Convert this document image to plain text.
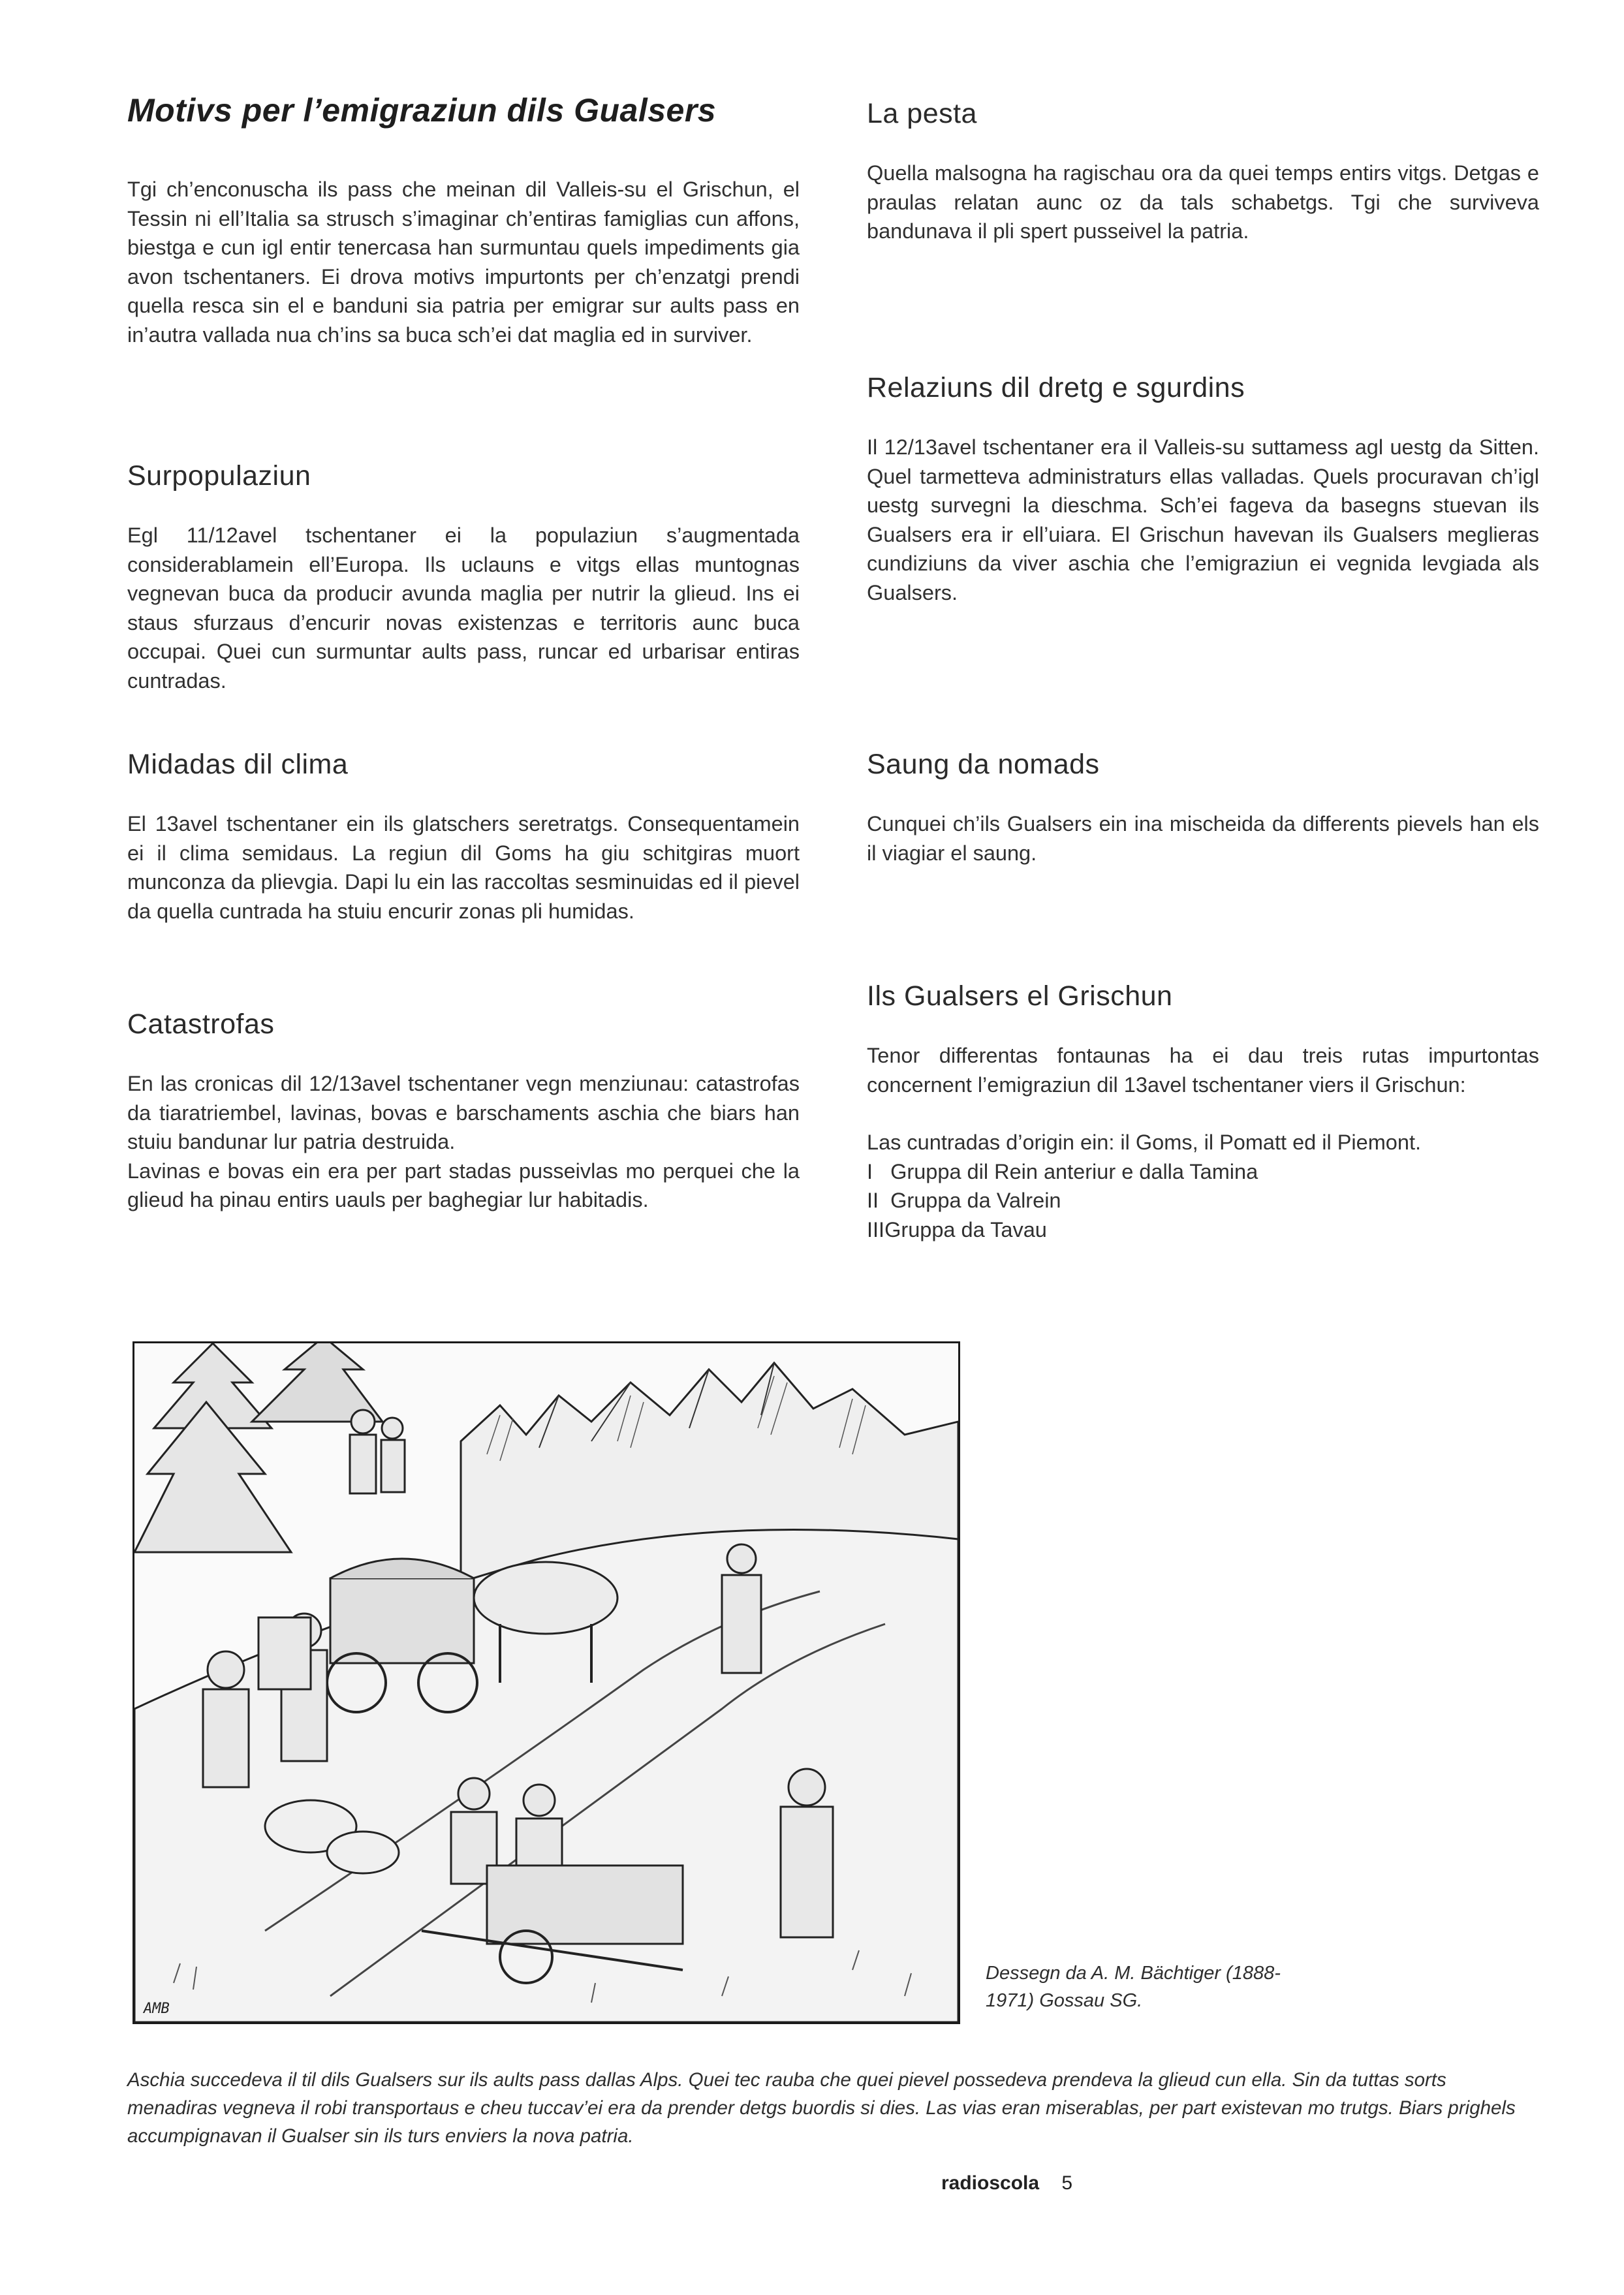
Motivs per l’emigraziun dils Gualsers

Tgi ch’enconuscha ils pass che meinan dil Valleis-su el Grischun, el Tessin ni ell’Italia sa strusch s’imaginar ch’entiras famiglias cun affons, biestga e cun igl entir tenercasa han surmuntau quels impediments gia avon tschentaners. Ei drova motivs impurtonts per ch’enzatgi prendi quella resca sin el e banduni sia patria per emigrar sur aults pass en in’autra vallada nua ch’ins sa buca sch’ei dat maglia ed in surviver.

Surpopulaziun

Egl 11/12avel tschentaner ei la populaziun s’augmentada considerablamein ell’Europa. Ils uclauns e vitgs ellas muntognas vegnevan buca da producir avunda maglia per nutrir la glieud. Ins ei staus sfurzaus d’encurir novas existenzas e territoris aunc buca occupai. Quei cun surmuntar aults pass, runcar ed urbarisar entiras cuntradas.

Midadas dil clima

El 13avel tschentaner ein ils glatschers seretratgs. Consequentamein ei il clima semidaus. La regiun dil Goms ha giu schitgiras muort munconza da plievgia. Dapi lu ein las raccoltas sesminuidas ed il pievel da quella cuntrada ha stuiu encurir zonas pli humidas.

Catastrofas

En las cronicas dil 12/13avel tschentaner vegn menziunau: catastrofas da tiaratriembel, lavinas, bovas e barschaments aschia che biars han stuiu bandunar lur patria destruida.

Lavinas e bovas ein era per part stadas pusseivlas mo perquei che la glieud ha pinau entirs uauls per baghegiar lur habitadis.

La pesta

Quella malsogna ha ragischau ora da quei temps entirs vitgs. Detgas e praulas relatan aunc oz da tals schabetgs. Tgi che surviveva bandunava il pli spert pusseivel la patria.

Relaziuns dil dretg e sgurdins

Il 12/13avel tschentaner era il Valleis-su suttamess agl uestg da Sitten. Quel tarmetteva administraturs ellas valladas. Quels procuravan ch’igl uestg survegni la dieschma. Sch’ei fageva da basegns stuevan ils Gualsers era ir ell’uiara. El Grischun havevan ils Gualsers meglieras cundiziuns da viver aschia che l’emigraziun ei vegnida levgiada als Gualsers.

Saung da nomads

Cunquei ch’ils Gualsers ein ina mischeida da differents pievels han els il viagiar el saung.

Ils Gualsers el Grischun

Tenor differentas fontaunas ha ei dau treis rutas impurtontas concernent l’emigraziun dil 13avel tschentaner viers il Grischun:

Las cuntradas d’origin ein: il Goms, il Pomatt ed il Piemont.

I   Gruppa dil Rein anteriur e dalla Tamina

II  Gruppa da Valrein

IIIGruppa da Tavau

AMB
Dessegn da A. M. Bächtiger (1888-1971) Gossau SG.

Aschia succedeva il til dils Gualsers sur ils aults pass dallas Alps. Quei tec rauba che quei pievel possedeva prendeva la glieud cun ella. Sin da tuttas sorts menadiras vegneva il robi transportaus e cheu tuccav’ei era da prender detgs buordis si dies. Las vias eran miserablas, per part existevan mo trutgs. Biars prighels accumpignavan il Gualser sin ils turs enviers la nova patria.

radioscola 5
